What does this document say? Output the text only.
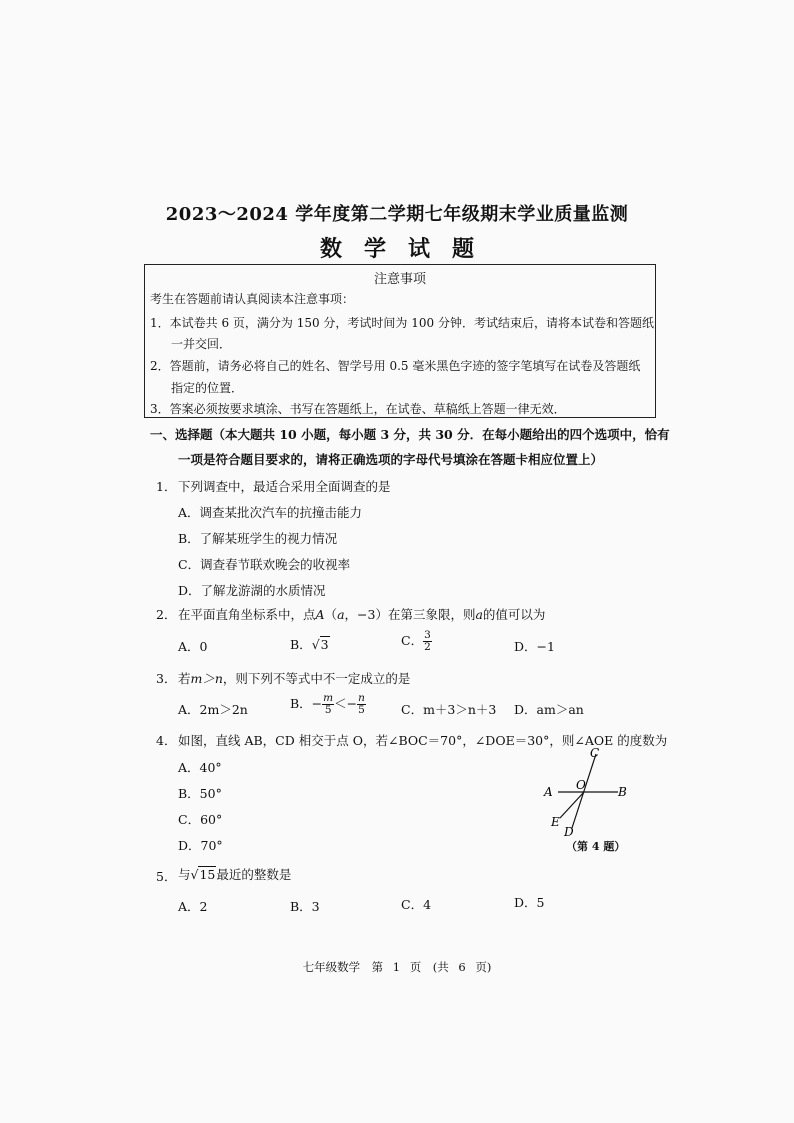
2023～2024 学年度第二学期七年级期末学业质量监测
数学试题
注意事项
考生在答题前请认真阅读本注意事项：
1．本试卷共 6 页，满分为 150 分，考试时间为 100 分钟．考试结束后，请将本试卷和答题纸
一并交回．
2．答题前，请务必将自己的姓名、智学号用 0.5 毫米黑色字迹的签字笔填写在试卷及答题纸
指定的位置．
3．答案必须按要求填涂、书写在答题纸上，在试卷、草稿纸上答题一律无效．
一、选择题（本大题共 10 小题，每小题 3 分，共 30 分．在每小题给出的四个选项中，恰有
一项是符合题目要求的，请将正确选项的字母代号填涂在答题卡相应位置上）
1． 下列调查中，最适合采用全面调查的是
A．调查某批次汽车的抗撞击能力
B．了解某班学生的视力情况
C．调查春节联欢晚会的收视率
D．了解龙游湖的水质情况
2． 在平面直角坐标系中，点A（a，−3）在第三象限，则a的值可以为
A．0	B．√3	C． $\frac{3}{2}$	D．−1
3． 若m＞n，则下列不等式中不一定成立的是
A．2m＞2n	B．− $\frac{m}{5} <- \frac{n}{5}$	C．m＋3＞n＋3 D．am＞an
4． 如图，直线 AB，CD 相交于点 O，若∠BOC＝70°，∠DOE＝30°，则∠AOE 的度数为
A．40°
B．50°
C．60°
D．70°
C
A O	B
E
D
（第 4 题）
5． 与√15最近的整数是
A．2	B．3	C．4	D．5
七年级数学　第 1 页　(共 6 页)
